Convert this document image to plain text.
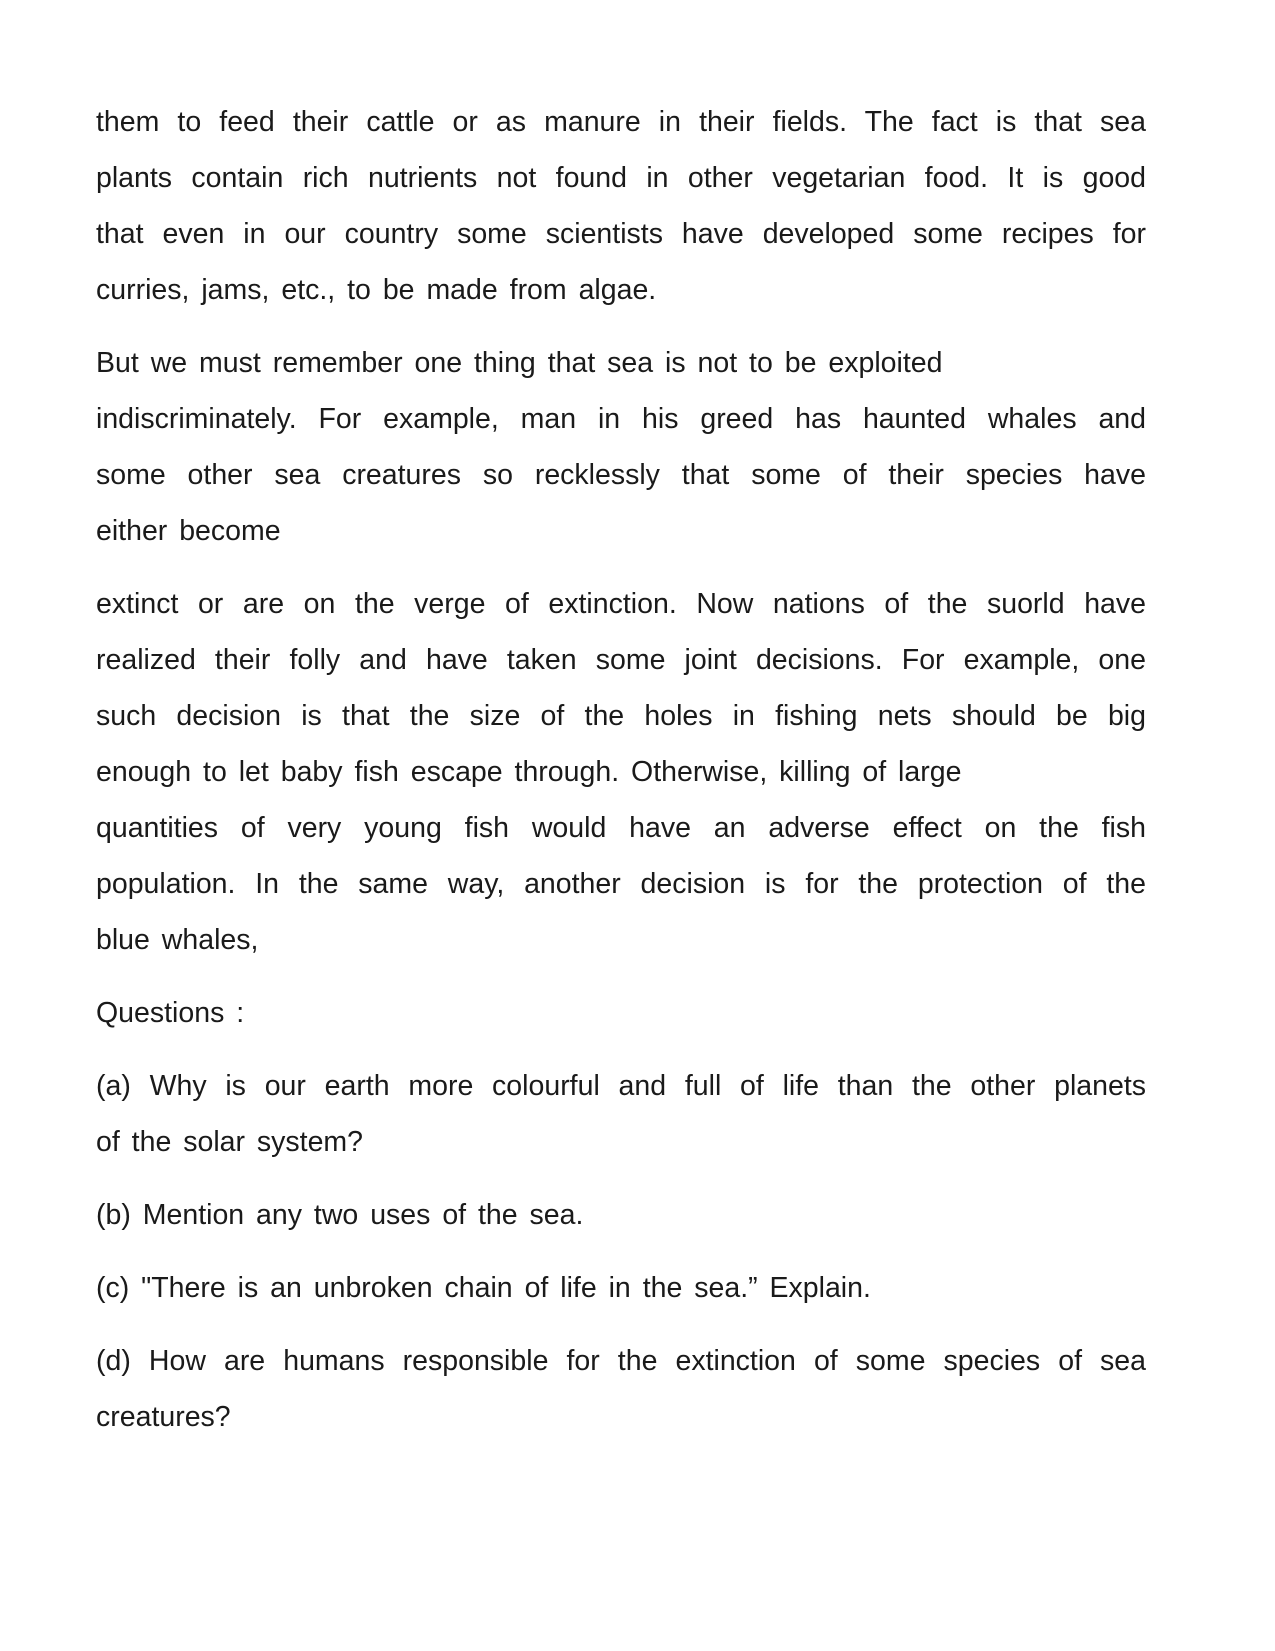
them to feed their cattle or as manure in their fields. The fact is that sea
plants contain rich nutrients not found in other vegetarian food. It is good
that even in our country some scientists have developed some recipes for
curries, jams, etc., to be made from algae.
But we must remember one thing that sea is not to be exploited
indiscriminately. For example, man in his greed has haunted whales and
some other sea creatures so recklessly that some of their species have
either become
extinct or are on the verge of extinction. Now nations of the suorld have
realized their folly and have taken some joint decisions. For example, one
such decision is that the size of the holes in fishing nets should be big
enough to let baby fish escape through. Otherwise, killing of large
quantities of very young fish would have an adverse effect on the fish
population. In the same way, another decision is for the protection of the
blue whales,
Questions :
(a) Why is our earth more colourful and full of life than the other planets
of the solar system?
(b) Mention any two uses of the sea.
(c) "There is an unbroken chain of life in the sea.” Explain.
(d) How are humans responsible for the extinction of some species of sea
creatures?
